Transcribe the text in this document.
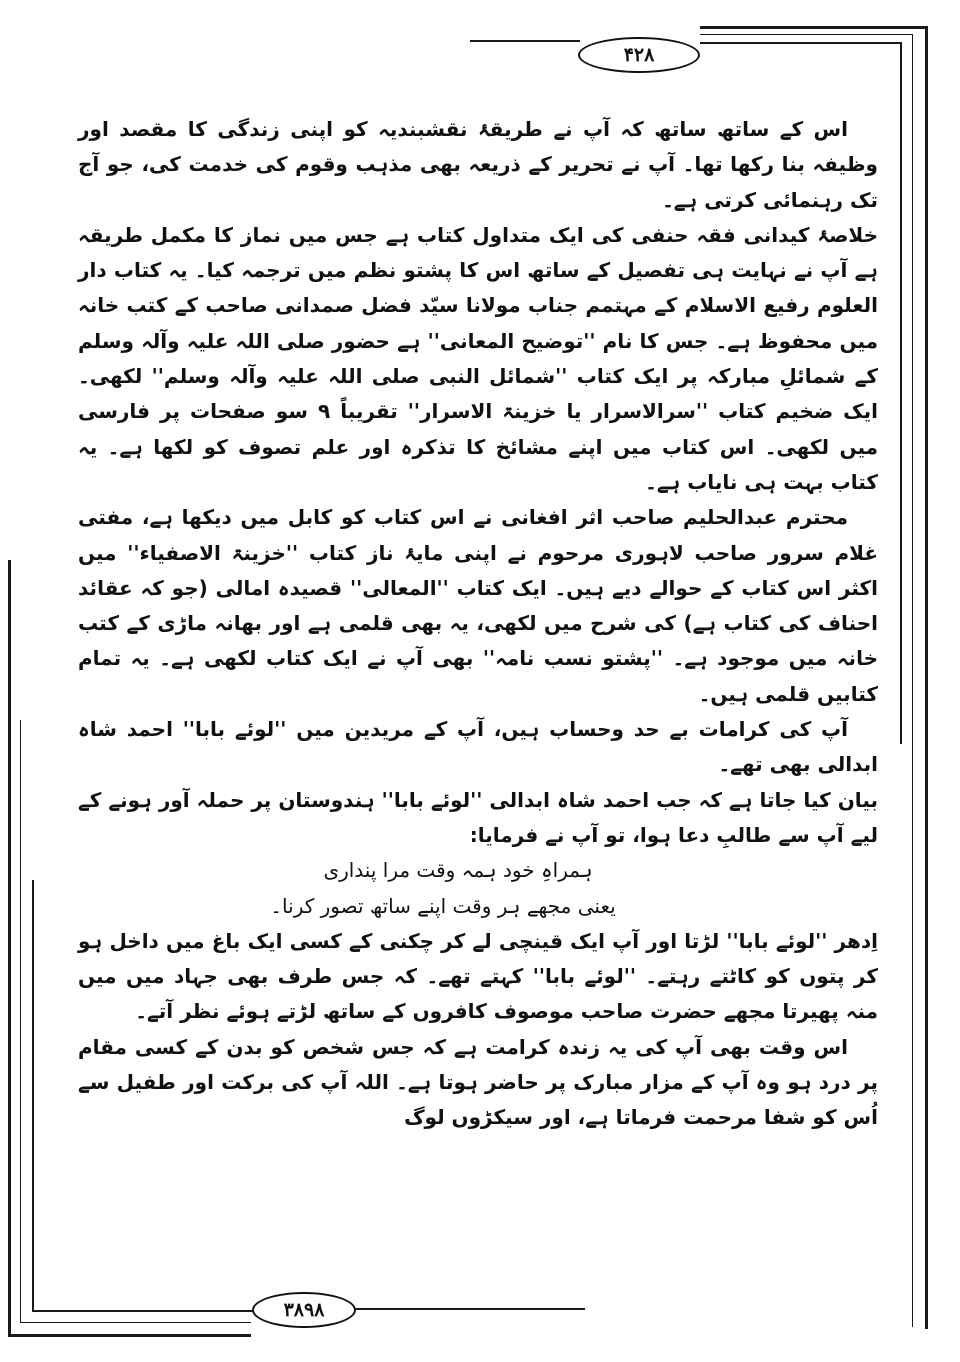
۴۲۸
۳۸۹۸

اس کے ساتھ ساتھ کہ آپ نے طریقۂ نقشبندیہ کو اپنی زندگی کا مقصد اور وظیفہ بنا رکھا تھا۔ آپ نے تحریر کے ذریعہ بھی مذہب وقوم کی خدمت کی، جو آج تک رہنمائی کرتی ہے۔

خلاصۂ کیدانی فقہ حنفی کی ایک متداول کتاب ہے جس میں نماز کا مکمل طریقہ ہے آپ نے نہایت ہی تفصیل کے ساتھ اس کا پشتو نظم میں ترجمہ کیا۔ یہ کتاب دار العلوم رفیع الاسلام کے مہتمم جناب مولانا سیّد فضل صمدانی صاحب کے کتب خانہ میں محفوظ ہے۔ جس کا نام ''توضیح المعانی'' ہے حضور صلی اللہ علیہ وآلہ وسلم کے شمائلِ مبارکہ پر ایک کتاب ''شمائل النبی صلی اللہ علیہ وآلہ وسلم'' لکھی۔ ایک ضخیم کتاب ''سرالاسرار یا خزینۃ الاسرار'' تقریباً ۹ سو صفحات پر فارسی میں لکھی۔ اس کتاب میں اپنے مشائخ کا تذکرہ اور علم تصوف کو لکھا ہے۔ یہ کتاب بہت ہی نایاب ہے۔

محترم عبدالحلیم صاحب اثر افغانی نے اس کتاب کو کابل میں دیکھا ہے، مفتی غلام سرور صاحب لاہوری مرحوم نے اپنی مایۂ ناز کتاب ''خزینۃ الاصفیاء'' میں اکثر اس کتاب کے حوالے دیے ہیں۔ ایک کتاب ''المعالی'' قصیدہ امالی (جو کہ عقائد احناف کی کتاب ہے) کی شرح میں لکھی، یہ بھی قلمی ہے اور بھانہ ماڑی کے کتب خانہ میں موجود ہے۔ ''پشتو نسب نامہ'' بھی آپ نے ایک کتاب لکھی ہے۔ یہ تمام کتابیں قلمی ہیں۔

آپ کی کرامات بے حد وحساب ہیں، آپ کے مریدین میں ''لوئے بابا'' احمد شاہ ابدالی بھی تھے۔

بیان کیا جاتا ہے کہ جب احمد شاہ ابدالی ''لوئے بابا'' ہندوستان پر حملہ آور ہونے کے لیے آپ سے طالبِ دعا ہوا، تو آپ نے فرمایا:

ہمراہِ خود ہمہ وقت مرا پنداری

یعنی مجھے ہر وقت اپنے ساتھ تصور کرنا۔

اِدھر ''لوئے بابا'' لڑتا اور آپ ایک قینچی لے کر چکنی کے کسی ایک باغ میں داخل ہو کر پتوں کو کاٹتے رہتے۔ ''لوئے بابا'' کہتے تھے۔ کہ جس طرف بھی جہاد میں میں منہ پھیرتا مجھے حضرت صاحب موصوف کافروں کے ساتھ لڑتے ہوئے نظر آتے۔

اس وقت بھی آپ کی یہ زندہ کرامت ہے کہ جس شخص کو بدن کے کسی مقام پر درد ہو وہ آپ کے مزار مبارک پر حاضر ہوتا ہے۔ اللہ آپ کی برکت اور طفیل سے اُس کو شفا مرحمت فرماتا ہے، اور سیکڑوں لوگ
